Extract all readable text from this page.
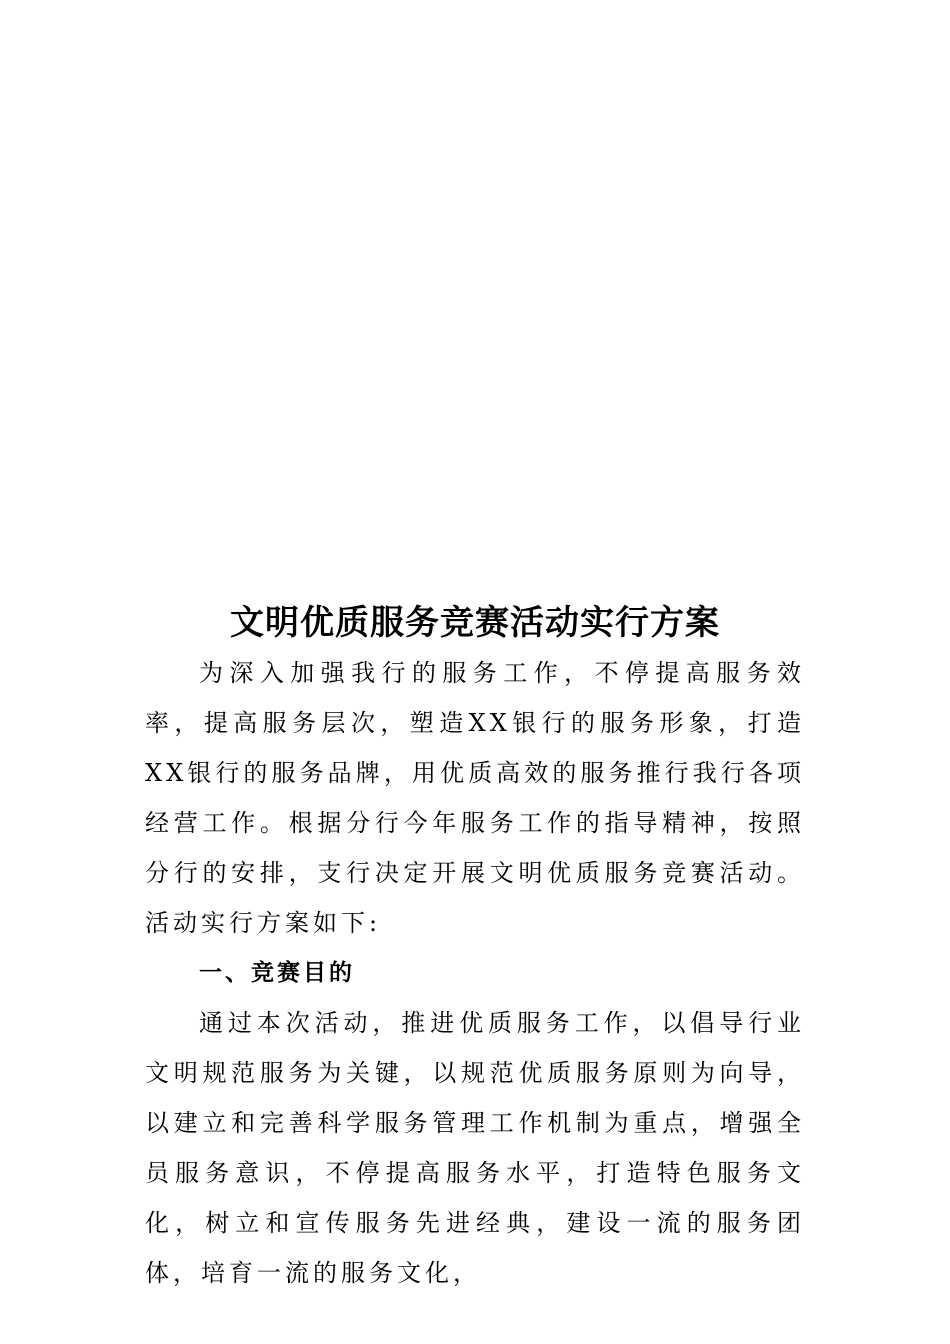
文明优质服务竞赛活动实行方案

为深入加强我行的服务工作，不停提高服务效率，提高服务层次，塑造XX银行的服务形象，打造XX银行的服务品牌，用优质高效的服务推行我行各项经营工作。根据分行今年服务工作的指导精神，按照分行的安排，支行决定开展文明优质服务竞赛活动。活动实行方案如下:

一、竞赛目的

通过本次活动，推进优质服务工作，以倡导行业文明规范服务为关键，以规范优质服务原则为向导，以建立和完善科学服务管理工作机制为重点，增强全员服务意识，不停提高服务水平，打造特色服务文化，树立和宣传服务先进经典，建设一流的服务团体，培育一流的服务文化，
